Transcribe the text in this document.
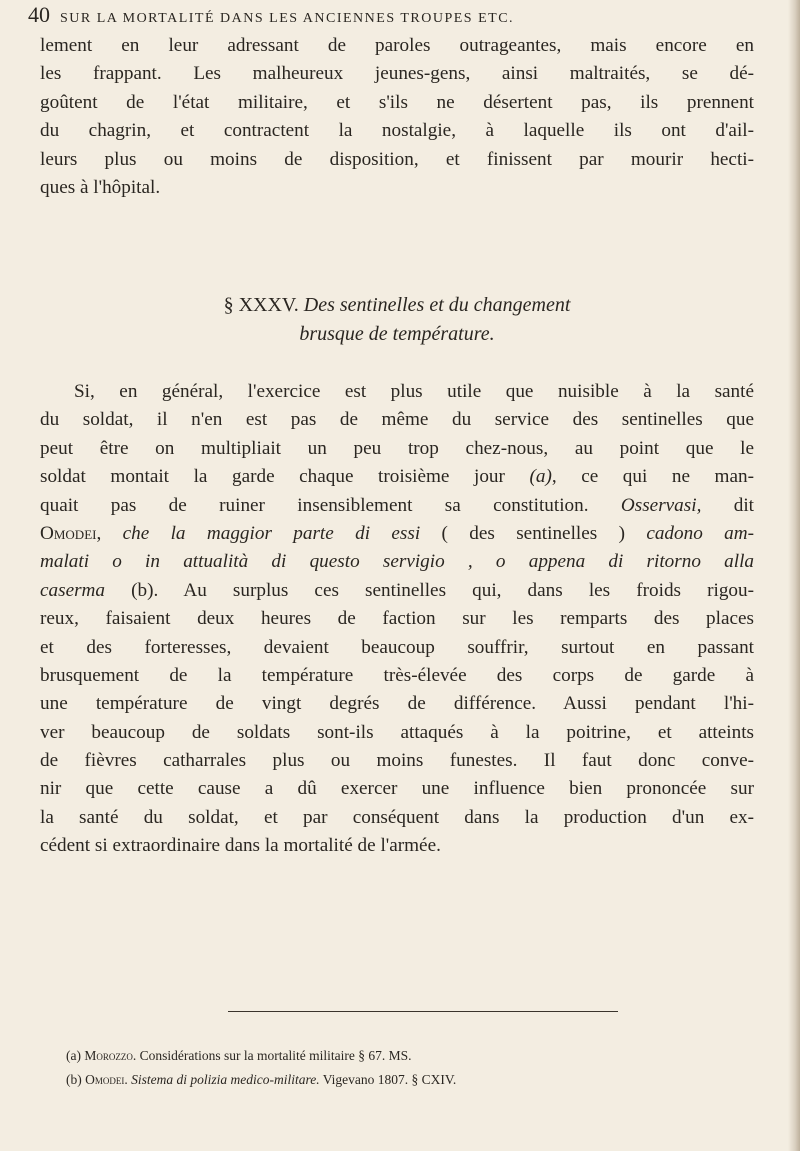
40 SUR LA MORTALITÉ DANS LES ANCIENNES TROUPES ETC.
lement en leur adressant de paroles outrageantes, mais encore en
les frappant. Les malheureux jeunes-gens, ainsi maltraités, se dé-
goûtent de l'état militaire, et s'ils ne désertent pas, ils prennent
du chagrin, et contractent la nostalgie, à laquelle ils ont d'ail-
leurs plus ou moins de disposition, et finissent par mourir hecti-
ques à l'hôpital.
§ XXXV. Des sentinelles et du changement
brusque de température.
Si, en général, l'exercice est plus utile que nuisible à la santé
du soldat, il n'en est pas de même du service des sentinelles que
peut être on multipliait un peu trop chez-nous, au point que le
soldat montait la garde chaque troisième jour (a), ce qui ne man-
quait pas de ruiner insensiblement sa constitution. Osservasi, dit
Omodei, che la maggior parte di essi ( des sentinelles ) cadono am-
malati o in attualità di questo servigio , o appena di ritorno alla
caserma (b). Au surplus ces sentinelles qui, dans les froids rigou-
reux, faisaient deux heures de faction sur les remparts des places
et des forteresses, devaient beaucoup souffrir, surtout en passant
brusquement de la température très-élevée des corps de garde à
une température de vingt degrés de différence. Aussi pendant l'hi-
ver beaucoup de soldats sont-ils attaqués à la poitrine, et atteints
de fièvres catharrales plus ou moins funestes. Il faut donc conve-
nir que cette cause a dû exercer une influence bien prononcée sur
la santé du soldat, et par conséquent dans la production d'un ex-
cédent si extraordinaire dans la mortalité de l'armée.
(a) Morozzo. Considérations sur la mortalité militaire § 67. MS.
(b) Omodei. Sistema di polizia medico-militare. Vigevano 1807. § CXIV.
